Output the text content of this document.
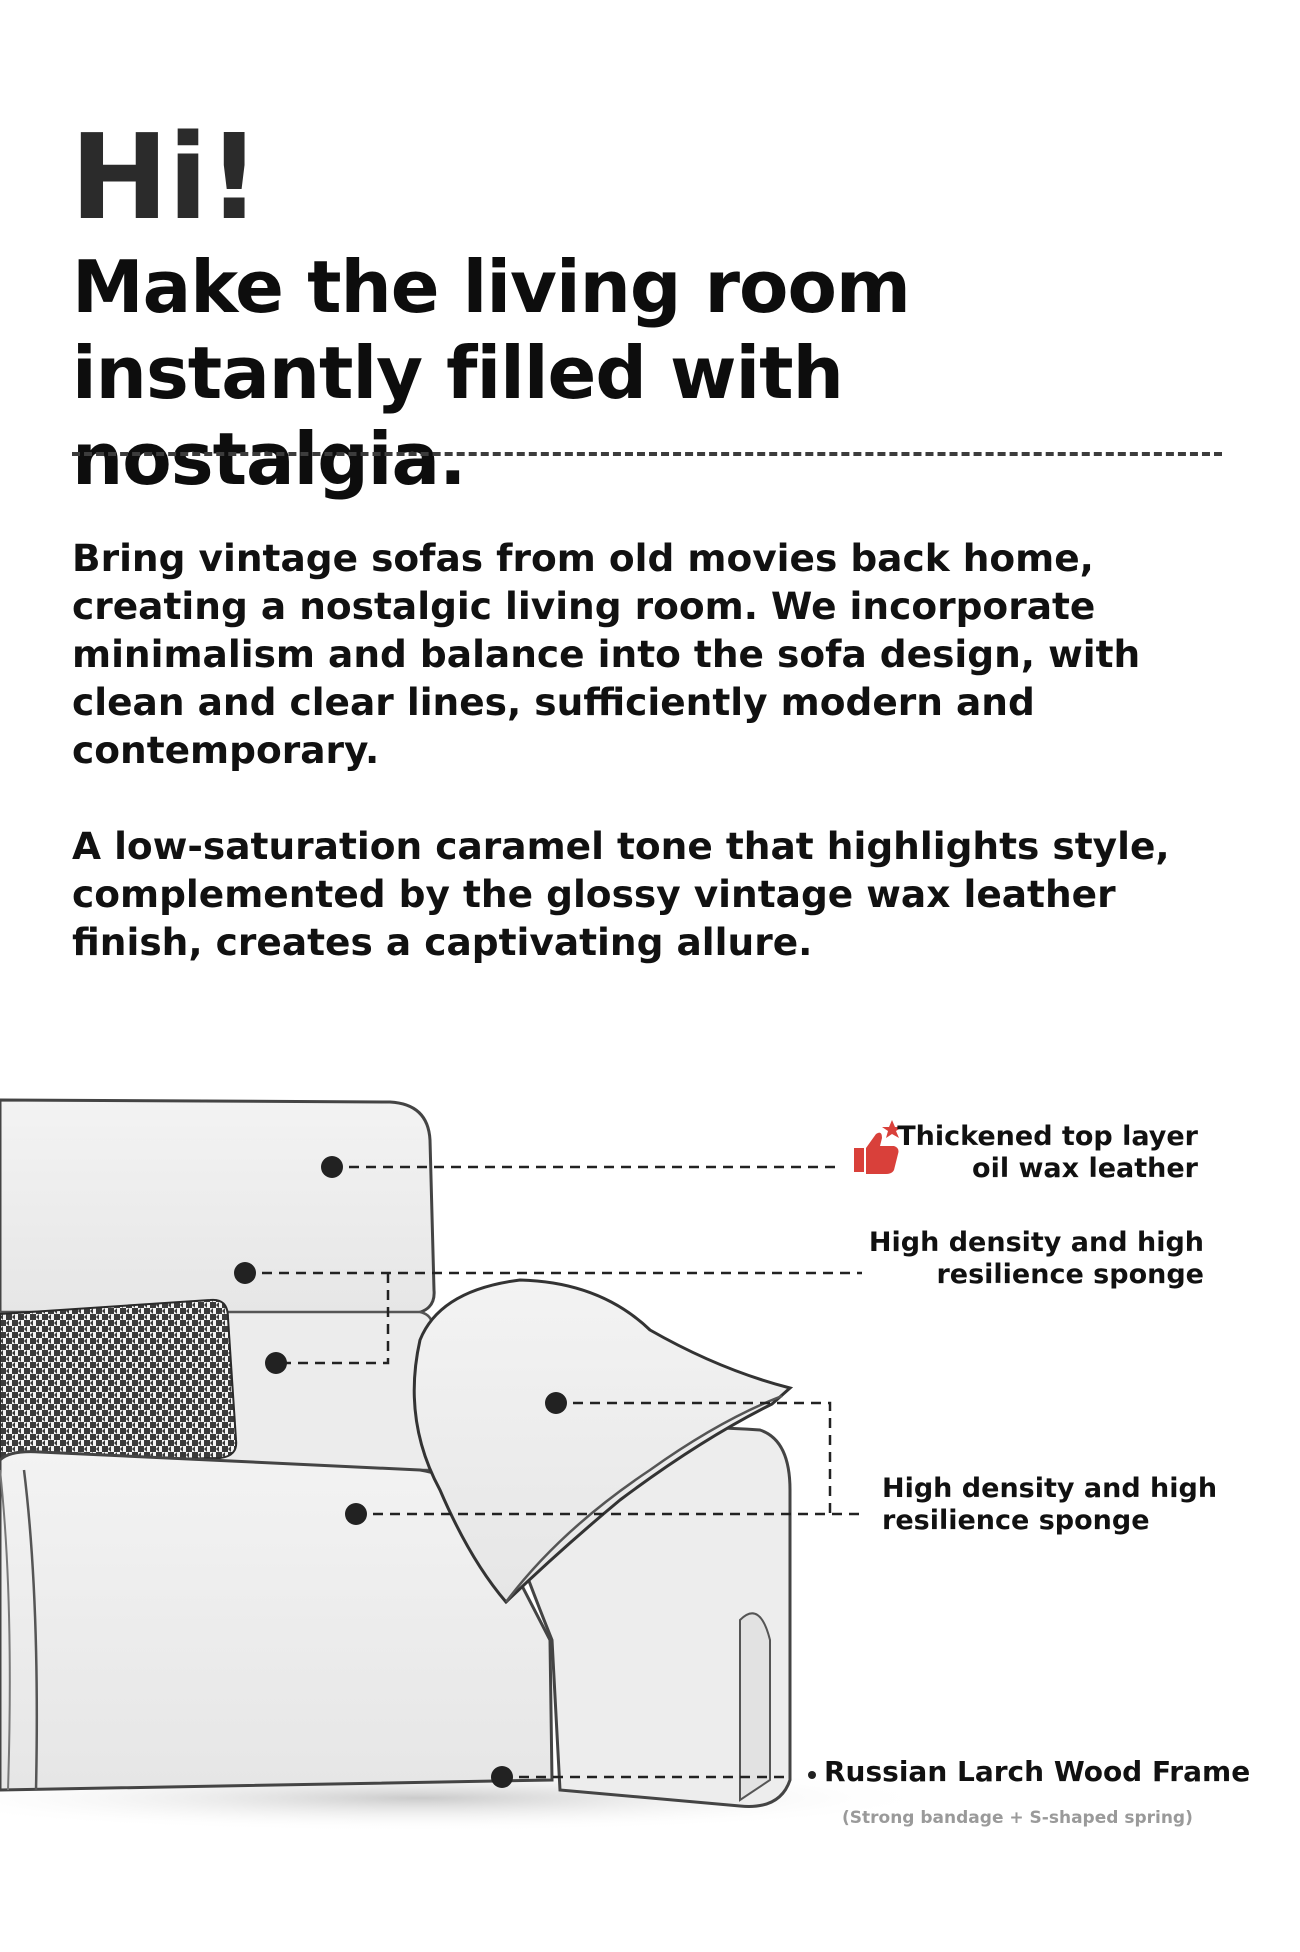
Hi!
Make the living room instantly filled with nostalgia.
Bring vintage sofas from old movies back home, creating a nostalgic living room. We incorporate minimalism and balance into the sofa design, with clean and clear lines, sufficiently modern and contemporary.
A low-saturation caramel tone that highlights style, complemented by the glossy vintage wax leather finish, creates a captivating allure.
Thickened top layer
oil wax leather
High density and high
resilience sponge
High density and high
resilience sponge
Russian Larch Wood Frame
(Strong bandage + S-shaped spring)
